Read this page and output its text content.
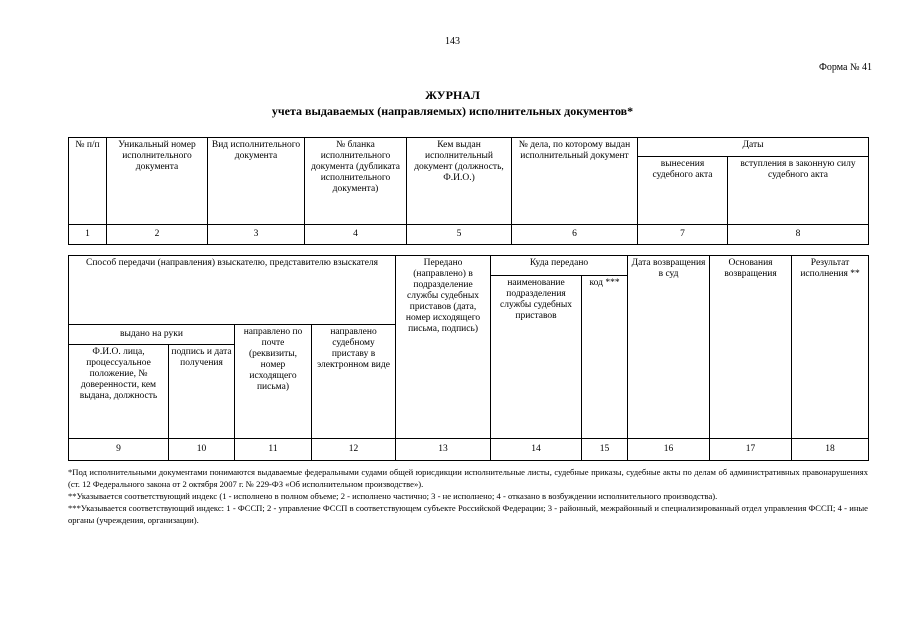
143
Форма № 41
ЖУРНАЛ
учета выдаваемых (направляемых) исполнительных документов*
№ п/п	Уникальный номер исполнительного документа	Вид исполнительного документа	№ бланка исполнительного документа (дубликата исполнительного документа)	Кем выдан исполнительный документ (должность, Ф.И.О.)	№ дела, по которому выдан исполнительный документ	Даты	
						вынесения судебного акта	вступления в законную силу судебного акта
1	2	3	4	5	6	7	8
Способ передачи (направления) взыскателю, представителю взыскателя				Передано (направлено) в подразделение службы судебных приставов (дата, номер исходящего письма, подпись)	Куда передано		Дата возвращения в суд	Основания возвращения	Результат исполнения **
					наименование подразделения службы судебных приставов	код ***			

выдано на руки		направлено по почте (реквизиты, номер исходящего письма)	направлено судебному приставу в электронном виде						
Ф.И.О. лица, процессуальное положение, № доверенности, кем выдана, должность	подпись и дата получения								
9	10	11	12	13	14	15	16	17	18

*Под исполнительными документами понимаются выдаваемые федеральными судами общей юрисдикции исполнительные листы, судебные приказы, судебные акты по делам об административных правонарушениях (ст. 12 Федерального закона от 2 октября 2007 г. № 229-ФЗ «Об исполнительном производстве»).

**Указывается соответствующий индекс (1 - исполнено в полном объеме; 2 - исполнено частично; 3 - не исполнено; 4 - отказано в возбуждении исполнительного производства).

***Указывается соответствующий индекс: 1 - ФССП; 2 - управление ФССП в соответствующем субъекте Российской Федерации; 3 - районный, межрайонный и специализированный отдел управления ФССП; 4 - иные органы (учреждения, организации).
